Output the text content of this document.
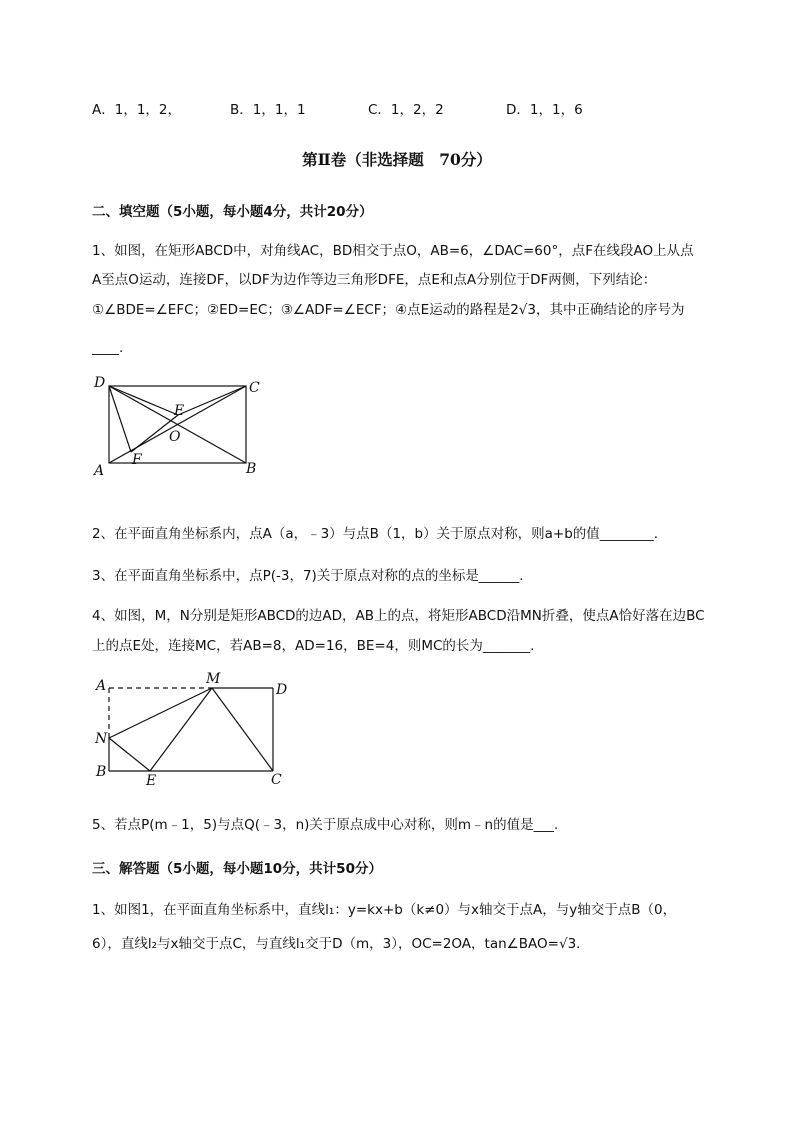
A．1，1，2，	B．1，1，1	C．1，2，2	D．1，1，6
第Ⅱ卷（非选择题　70分）
二、填空题（5小题，每小题4分，共计20分）
1、如图，在矩形ABCD中，对角线AC，BD相交于点O，AB=6，∠DAC=60°，点F在线段AO上从点
A至点O运动，连接DF，以DF为边作等边三角形DFE，点E和点A分别位于DF两侧，下列结论：
①∠BDE=∠EFC；②ED=EC；③∠ADF=∠ECF；④点E运动的路程是2√3，其中正确结论的序号为
____.
D	C
E
O
A
F
B
2、在平面直角坐标系内，点A（a，﹣3）与点B（1，b）关于原点对称，则a+b的值________.
3、在平面直角坐标系中，点P(-3，7)关于原点对称的点的坐标是______.
4、如图，M，N分别是矩形ABCD的边AD，AB上的点，将矩形ABCD沿MN折叠，使点A恰好落在边BC
上的点E处，连接MC，若AB=8，AD=16，BE=4，则MC的长为_______.
A	M
D
N
B
E	C
5、若点P(m﹣1，5)与点Q(﹣3，n)关于原点成中心对称，则m﹣n的值是___.
三、解答题（5小题，每小题10分，共计50分）
1、如图1，在平面直角坐标系中，直线l₁：y=kx+b（k≠0）与x轴交于点A，与y轴交于点B（0，
6），直线l₂与x轴交于点C，与直线l₁交于D（m，3），OC=2OA，tan∠BAO=√3．
